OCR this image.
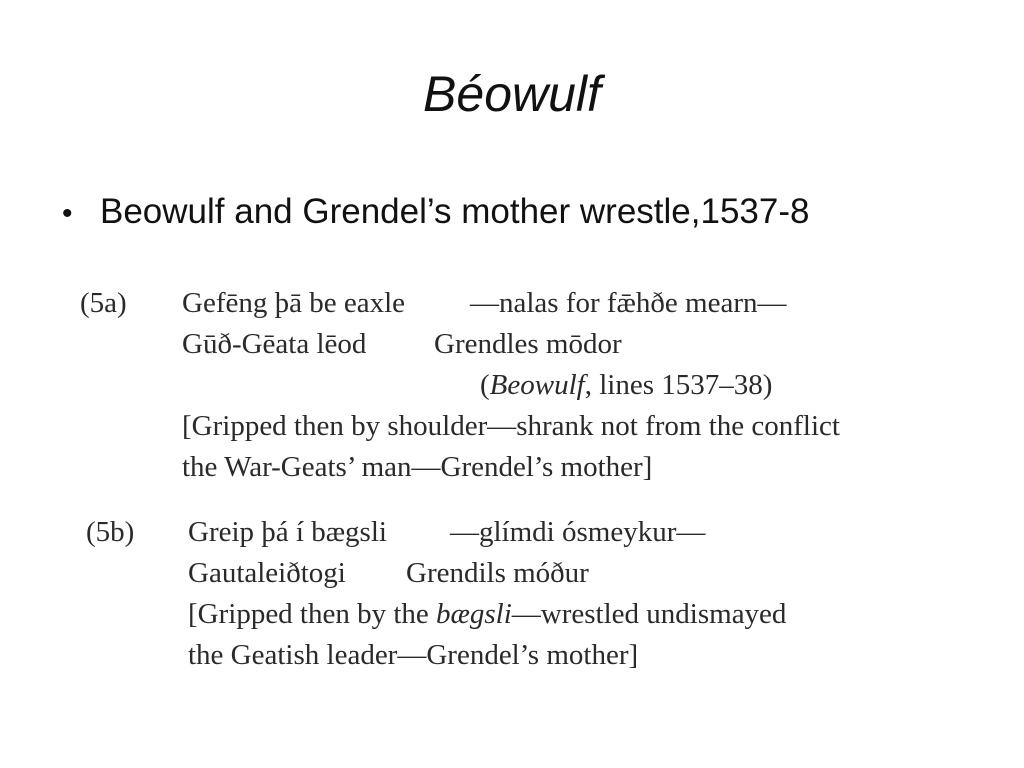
Béowulf
• Beowulf and Grendel’s mother wrestle,1537-8
(5a) Gefēng þā be eaxle —nalas for fǣhðe mearn—
Gūð-Gēata lēod Grendles mōdor
(Beowulf, lines 1537–38)
[Gripped then by shoulder—shrank not from the conflict
the War-Geats’ man—Grendel’s mother]
(5b) Greip þá í bægsli —glímdi ósmeykur—
Gautaleiðtogi Grendils móður
[Gripped then by the bægsli—wrestled undismayed
the Geatish leader—Grendel’s mother]
